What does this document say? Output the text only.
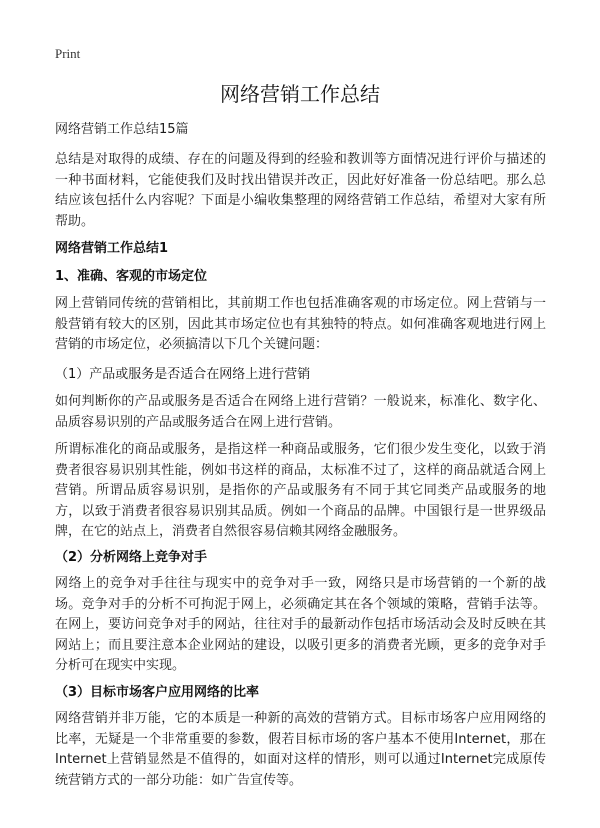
Print
网络营销工作总结

网络营销工作总结15篇

总结是对取得的成绩、存在的问题及得到的经验和教训等方面情况进行评价与描述的一种书面材料，它能使我们及时找出错误并改正，因此好好准备一份总结吧。那么总结应该包括什么内容呢？下面是小编收集整理的网络营销工作总结，希望对大家有所帮助。

网络营销工作总结1

1、准确、客观的市场定位

网上营销同传统的营销相比，其前期工作也包括准确客观的市场定位。网上营销与一般营销有较大的区别，因此其市场定位也有其独特的特点。如何准确客观地进行网上营销的市场定位，必须搞清以下几个关键问题：

（1）产品或服务是否适合在网络上进行营销

如何判断你的产品或服务是否适合在网络上进行营销？一般说来，标准化、数字化、品质容易识别的产品或服务适合在网上进行营销。

所谓标准化的商品或服务，是指这样一种商品或服务，它们很少发生变化，以致于消费者很容易识别其性能，例如书这样的商品，太标准不过了，这样的商品就适合网上营销。所谓品质容易识别，是指你的产品或服务有不同于其它同类产品或服务的地方，以致于消费者很容易识别其品质。例如一个商品的品牌。中国银行是一世界级品牌，在它的站点上，消费者自然很容易信赖其网络金融服务。

（2）分析网络上竞争对手

网络上的竞争对手往往与现实中的竞争对手一致，网络只是市场营销的一个新的战场。竞争对手的分析不可拘泥于网上，必须确定其在各个领域的策略，营销手法等。在网上，要访问竞争对手的网站，往往对手的最新动作包括市场活动会及时反映在其网站上；而且要注意本企业网站的建设，以吸引更多的消费者光顾，更多的竞争对手分析可在现实中实现。

（3）目标市场客户应用网络的比率

网络营销并非万能，它的本质是一种新的高效的营销方式。目标市场客户应用网络的比率，无疑是一个非常重要的参数，假若目标市场的客户基本不使用Internet，那在Internet上营销显然是不值得的，如面对这样的情形，则可以通过Internet完成原传统营销方式的一部分功能：如广告宣传等。
